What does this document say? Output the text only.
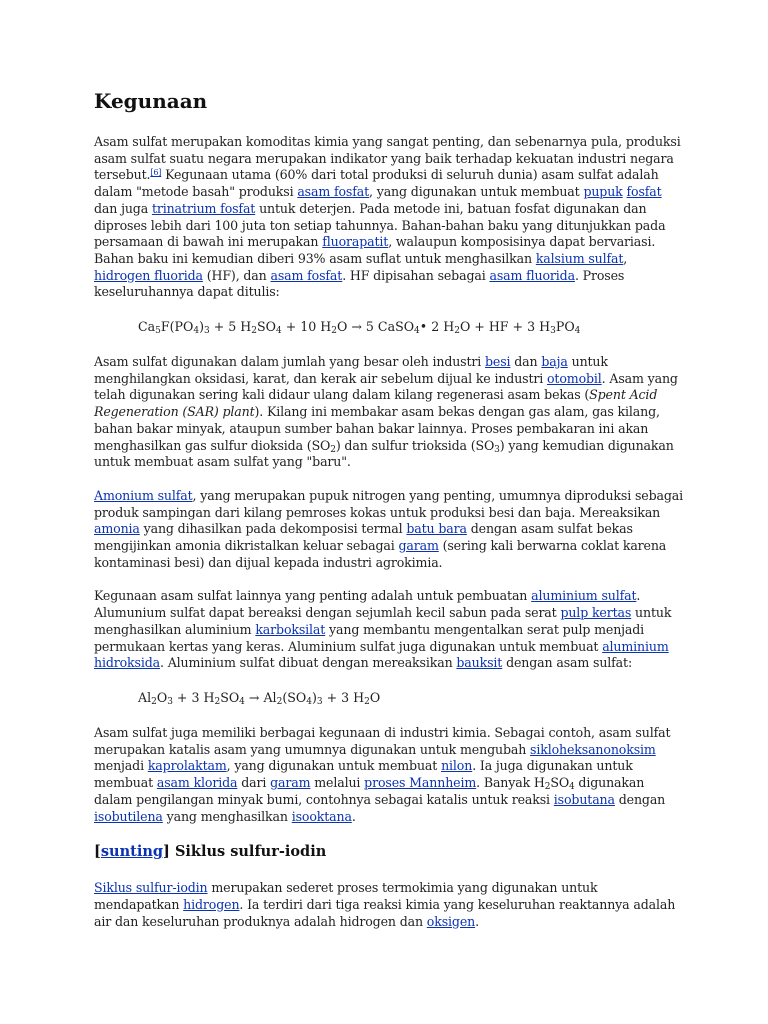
Kegunaan

Asam sulfat merupakan komoditas kimia yang sangat penting, dan sebenarnya pula, produksi asam sulfat suatu negara merupakan indikator yang baik terhadap kekuatan industri negara tersebut.[6] Kegunaan utama (60% dari total produksi di seluruh dunia) asam sulfat adalah dalam "metode basah" produksi asam fosfat, yang digunakan untuk membuat pupuk fosfat dan juga trinatrium fosfat untuk deterjen. Pada metode ini, batuan fosfat digunakan dan diproses lebih dari 100 juta ton setiap tahunnya. Bahan-bahan baku yang ditunjukkan pada persamaan di bawah ini merupakan fluorapatit, walaupun komposisinya dapat bervariasi. Bahan baku ini kemudian diberi 93% asam suflat untuk menghasilkan kalsium sulfat, hidrogen fluorida (HF), dan asam fosfat. HF dipisahan sebagai asam fluorida. Proses keseluruhannya dapat ditulis:

$Ca_5F(PO_4)_3 + 5$ $H_2SO_4 + 10$ $H_2O \to 5$ CaSO$_4$• 2 $H_2O$ + HF + 3 $H_3PO_4$

Asam sulfat digunakan dalam jumlah yang besar oleh industri besi dan baja untuk menghilangkan oksidasi, karat, dan kerak air sebelum dijual ke industri otomobil. Asam yang telah digunakan sering kali didaur ulang dalam kilang regenerasi asam bekas (Spent Acid Regeneration (SAR) plant). Kilang ini membakar asam bekas dengan gas alam, gas kilang, bahan bakar minyak, ataupun sumber bahan bakar lainnya. Proses pembakaran ini akan menghasilkan gas sulfur dioksida $(SO_2)$ dan sulfur trioksida $(SO_3)$ yang kemudian digunakan untuk membuat asam sulfat yang "baru".

Amonium sulfat, yang merupakan pupuk nitrogen yang penting, umumnya diproduksi sebagai produk sampingan dari kilang pemroses kokas untuk produksi besi dan baja. Mereaksikan amonia yang dihasilkan pada dekomposisi termal batu bara dengan asam sulfat bekas mengijinkan amonia dikristalkan keluar sebagai garam (sering kali berwarna coklat karena kontaminasi besi) dan dijual kepada industri agrokimia.

Kegunaan asam sulfat lainnya yang penting adalah untuk pembuatan aluminium sulfat. Alumunium sulfat dapat bereaksi dengan sejumlah kecil sabun pada serat pulp kertas untuk menghasilkan aluminium karboksilat yang membantu mengentalkan serat pulp menjadi permukaan kertas yang keras. Aluminium sulfat juga digunakan untuk membuat aluminium hidroksida. Aluminium sulfat dibuat dengan mereaksikan bauksit dengan asam sulfat:

$Al_2O_3 + 3$ $H_2SO_4 \to Al_2(SO_4)_3 + 3$ $H_2O$

Asam sulfat juga memiliki berbagai kegunaan di industri kimia. Sebagai contoh, asam sulfat merupakan katalis asam yang umumnya digunakan untuk mengubah sikloheksanonoksim menjadi kaprolaktam, yang digunakan untuk membuat nilon. Ia juga digunakan untuk membuat asam klorida dari garam melalui proses Mannheim. Banyak $H_2SO_4$ digunakan dalam pengilangan minyak bumi, contohnya sebagai katalis untuk reaksi isobutana dengan isobutilena yang menghasilkan isooktana.

[sunting] Siklus sulfur-iodin

Siklus sulfur-iodin merupakan sederet proses termokimia yang digunakan untuk mendapatkan hidrogen. Ia terdiri dari tiga reaksi kimia yang keseluruhan reaktannya adalah air dan keseluruhan produknya adalah hidrogen dan oksigen.
